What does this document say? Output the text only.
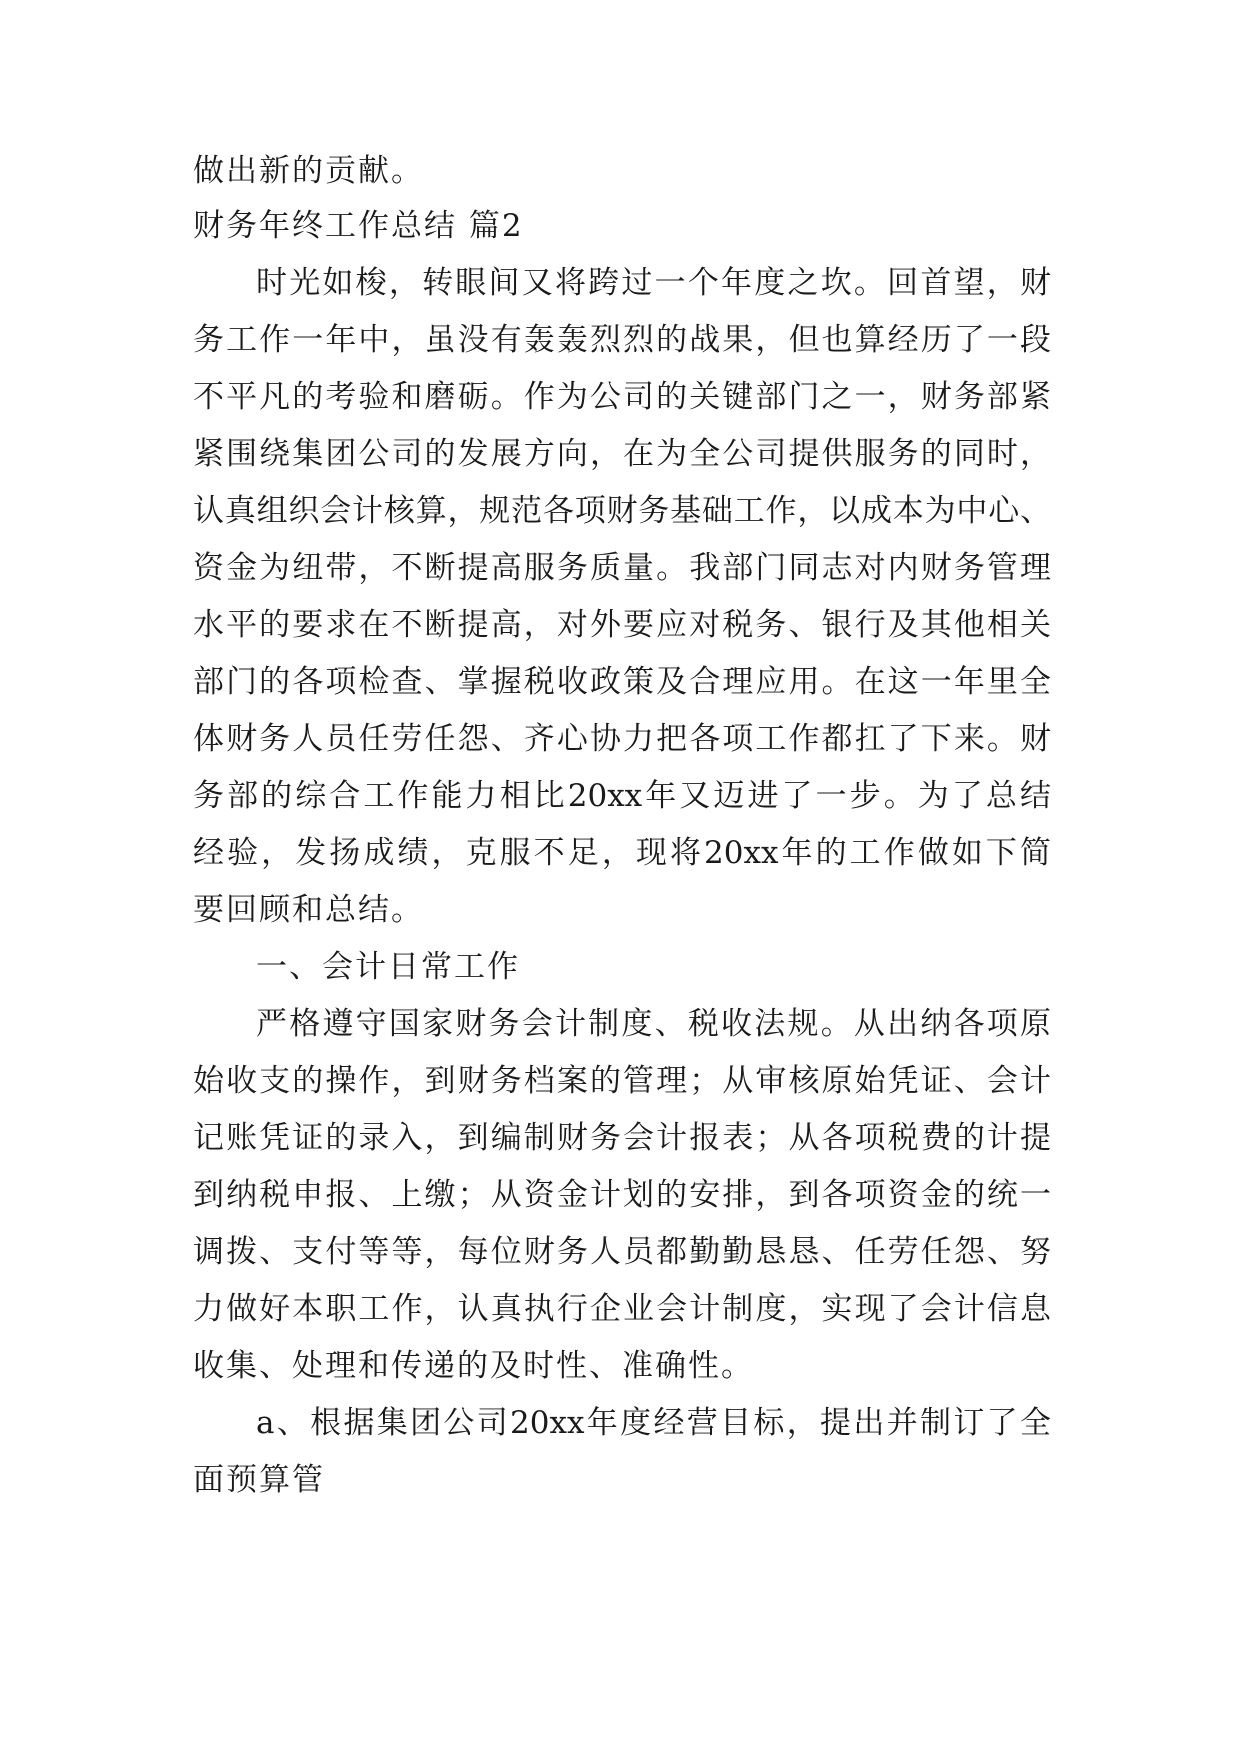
做出新的贡献。
财务年终工作总结 篇2
时光如梭，转眼间又将跨过一个年度之坎。回首望，财
务工作一年中，虽没有轰轰烈烈的战果，但也算经历了一段
不平凡的考验和磨砺。作为公司的关键部门之一，财务部紧
紧围绕集团公司的发展方向，在为全公司提供服务的同时，
认真组织会计核算，规范各项财务基础工作，以成本为中心、
资金为纽带，不断提高服务质量。我部门同志对内财务管理
水平的要求在不断提高，对外要应对税务、银行及其他相关
部门的各项检查、掌握税收政策及合理应用。在这一年里全
体财务人员任劳任怨、齐心协力把各项工作都扛了下来。财
务部的综合工作能力相比20xx年又迈进了一步。为了总结
经验，发扬成绩，克服不足，现将20xx年的工作做如下简
要回顾和总结。
一、会计日常工作
严格遵守国家财务会计制度、税收法规。从出纳各项原
始收支的操作，到财务档案的管理；从审核原始凭证、会计
记账凭证的录入，到编制财务会计报表；从各项税费的计提
到纳税申报、上缴；从资金计划的安排，到各项资金的统一
调拨、支付等等，每位财务人员都勤勤恳恳、任劳任怨、努
力做好本职工作，认真执行企业会计制度，实现了会计信息
收集、处理和传递的及时性、准确性。
a、根据集团公司20xx年度经营目标，提出并制订了全
面预算管
